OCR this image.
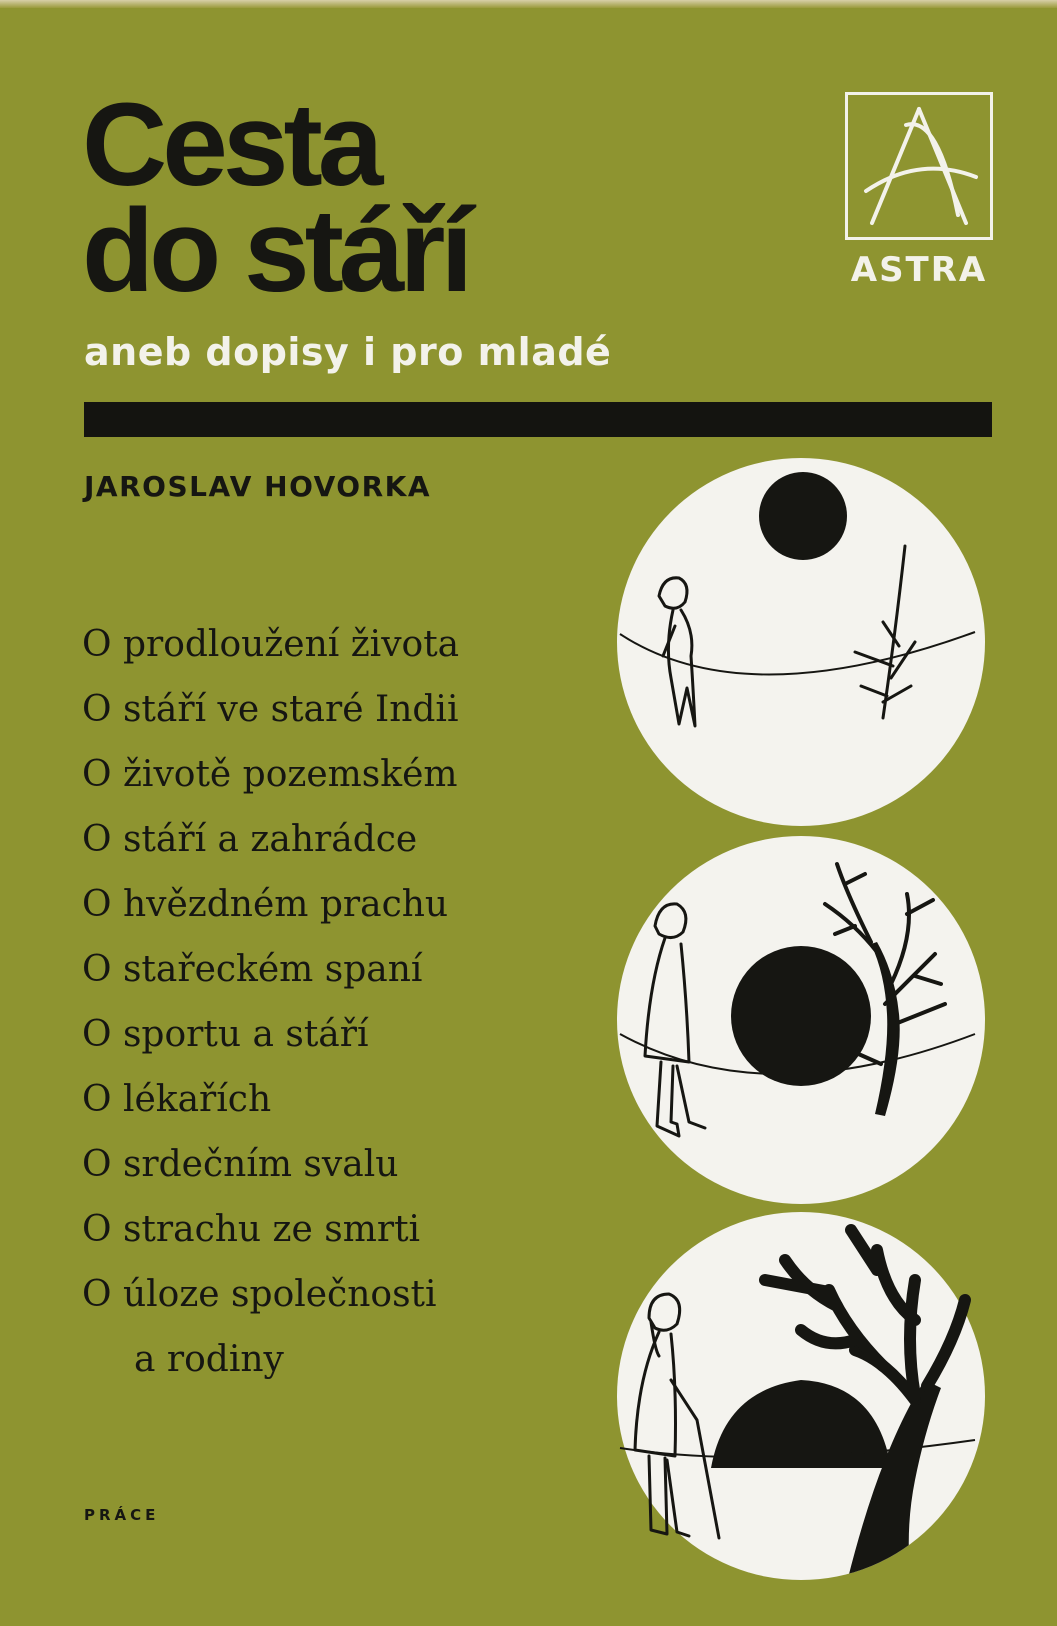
Cesta
do stáří
aneb dopisy i pro mladé
JAROSLAV HOVORKA
ASTRA
O prodloužení života
O stáří ve staré Indii
O životě pozemském
O stáří a zahrádce
O hvězdném prachu
O stařeckém spaní
O sportu a stáří
O lékařích
O srdečním svalu
O strachu ze smrti
O úloze společnosti
a rodiny
PRÁCE
